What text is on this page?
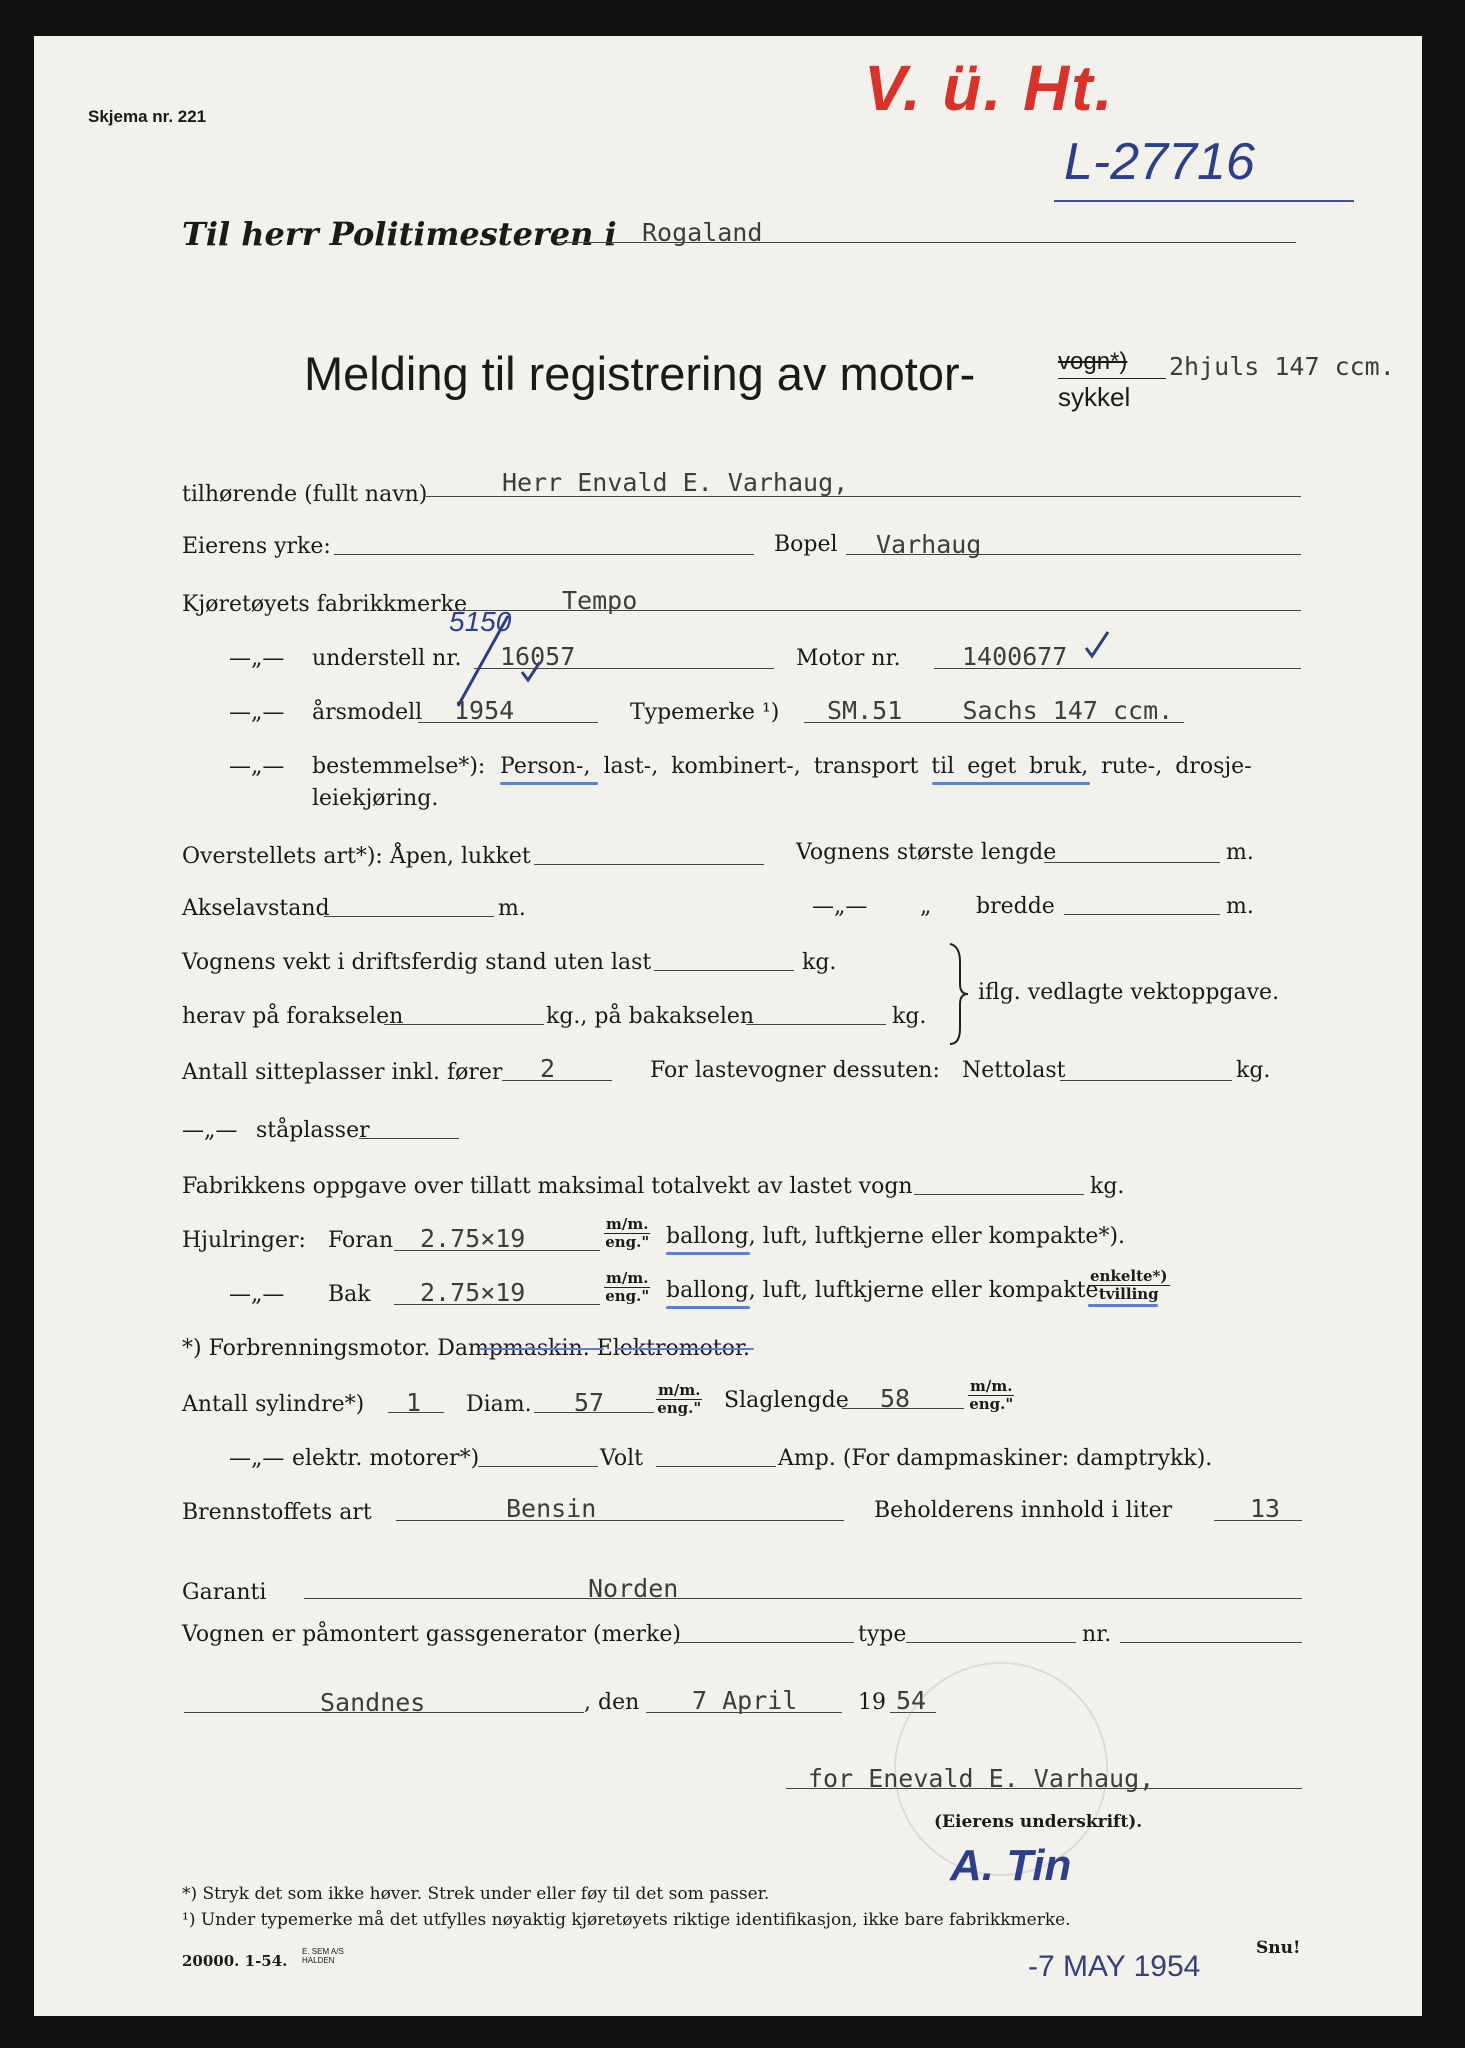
Skjema nr. 221	V. ü. Ht.
L-27716
Til herr Politimesteren i Rogaland
Melding til registrering av motor-	vogn*)
sykkel
2hjuls 147 ccm.
tilhørende (fullt navn)	Herr Envald E. Varhaug,
Eierens yrke:	Bopel Varhaug
Kjøretøyets fabrikkmerke	Tempo
—„— understell nr. 16057
5150
Motor nr. 1400677
—„— årsmodell 1954	Typemerke ¹) SM.51    Sachs 147 ccm.
—„— bestemmelse*): Person-, last-, kombinert-, transport til eget bruk, rute-, drosje-
leiekjøring.
Overstellets art*): Åpen, lukket	Vognens største lengde	m.
Akselavstand	m.	—„— „ bredde	m.
Vognens vekt i driftsferdig stand uten last	kg.
herav på forakselen	kg., på bakakselen	kg.
iflg. vedlagte vektoppgave.
Antall sitteplasser inkl. fører 2	For lastevogner dessuten: Nettolast	kg.
—„— ståplasser
Fabrikkens oppgave over tillatt maksimal totalvekt av lastet vogn	kg.
Hjulringer: Foran 2.75×19	m/m.
eng." ballong, luft, luftkjerne eller kompakte*).
—„— Bak 2.75×19	m/m.
eng." ballong, luft, luftkjerne eller kompakte
enkelte*)
tvilling
*) Forbrenningsmotor. Dampmaskin. Elektromotor.
Antall sylindre*) 1 Diam. 57	m/m.
eng." Slaglengde 58	m/m.
eng."
—„— elektr. motorer*)	Volt	Amp. (For dampmaskiner: damptrykk).
Brennstoffets art	Bensin	Beholderens innhold i liter	13
Garanti	Norden
Vognen er påmontert gassgenerator (merke)	type	nr.
Sandnes	, den 7 April	19 54
for Enevald E. Varhaug,
(Eierens underskrift).
A. Tin
*) Stryk det som ikke høver. Strek under eller føy til det som passer.
¹) Under typemerke må det utfylles nøyaktig kjøretøyets riktige identifikasjon, ikke bare fabrikkmerke.
20000. 1-54.
E. SEM A/S HALDEN
Snu!
-7 MAY 1954
